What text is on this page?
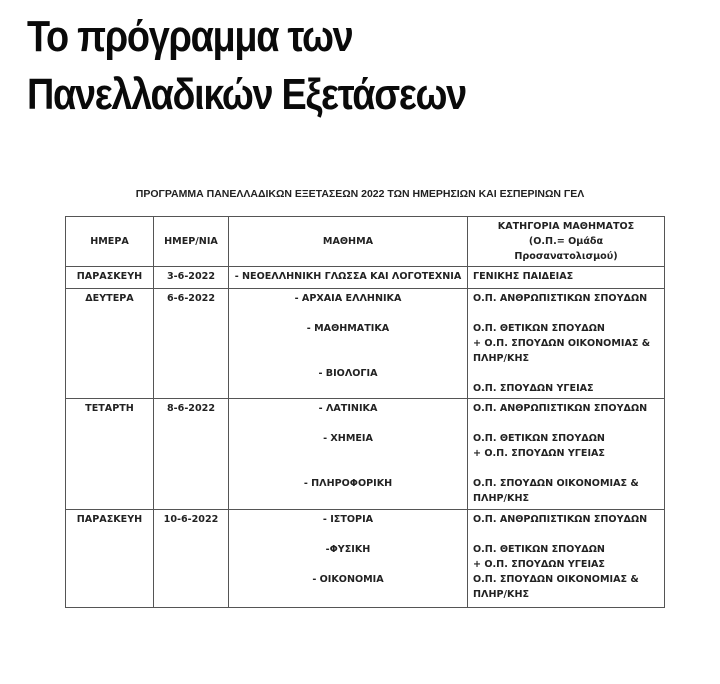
Το πρόγραμμα των
Πανελλαδικών Εξετάσεων
ΠΡΟΓΡΑΜΜΑ ΠΑΝΕΛΛΑΔΙΚΩΝ ΕΞΕΤΑΣΕΩΝ 2022 ΤΩΝ ΗΜΕΡΗΣΙΩΝ ΚΑΙ ΕΣΠΕΡΙΝΩΝ ΓΕΛ
ΗΜΕΡΑ	ΗΜΕΡ/ΝΙΑ	ΜΑΘΗΜΑ	ΚΑΤΗΓΟΡΙΑ ΜΑΘΗΜΑΤΟΣ
(Ο.Π.= Ομάδα
Προσανατολισμού)

ΠΑΡΑΣΚΕΥΗ	3-6-2022	- ΝΕΟΕΛΛΗΝΙΚΗ ΓΛΩΣΣΑ ΚΑΙ ΛΟΓΟΤΕΧΝΙΑ	ΓΕΝΙΚΗΣ ΠΑΙΔΕΙΑΣ

ΔΕΥΤΕΡΑ	6-6-2022	- ΑΡΧΑΙΑ ΕΛΛΗΝΙΚΑ
- ΜΑΘΗΜΑΤΙΚΑ
- ΒΙΟΛΟΓΙΑ	Ο.Π. ΑΝΘΡΩΠΙΣΤΙΚΩΝ ΣΠΟΥΔΩΝ
Ο.Π. ΘΕΤΙΚΩΝ ΣΠΟΥΔΩΝ
+ Ο.Π. ΣΠΟΥΔΩΝ ΟΙΚΟΝΟΜΙΑΣ &
ΠΛΗΡ/ΚΗΣ
Ο.Π. ΣΠΟΥΔΩΝ ΥΓΕΙΑΣ

ΤΕΤΑΡΤΗ	8-6-2022	- ΛΑΤΙΝΙΚΑ
- ΧΗΜΕΙΑ
- ΠΛΗΡΟΦΟΡΙΚΗ	Ο.Π. ΑΝΘΡΩΠΙΣΤΙΚΩΝ ΣΠΟΥΔΩΝ
Ο.Π. ΘΕΤΙΚΩΝ ΣΠΟΥΔΩΝ
+ Ο.Π. ΣΠΟΥΔΩΝ ΥΓΕΙΑΣ
Ο.Π. ΣΠΟΥΔΩΝ ΟΙΚΟΝΟΜΙΑΣ &
ΠΛΗΡ/ΚΗΣ

ΠΑΡΑΣΚΕΥΗ	10-6-2022	- ΙΣΤΟΡΙΑ
-ΦΥΣΙΚΗ
- ΟΙΚΟΝΟΜΙΑ	Ο.Π. ΑΝΘΡΩΠΙΣΤΙΚΩΝ ΣΠΟΥΔΩΝ
Ο.Π. ΘΕΤΙΚΩΝ ΣΠΟΥΔΩΝ
+ Ο.Π. ΣΠΟΥΔΩΝ ΥΓΕΙΑΣ
Ο.Π. ΣΠΟΥΔΩΝ ΟΙΚΟΝΟΜΙΑΣ &
ΠΛΗΡ/ΚΗΣ
